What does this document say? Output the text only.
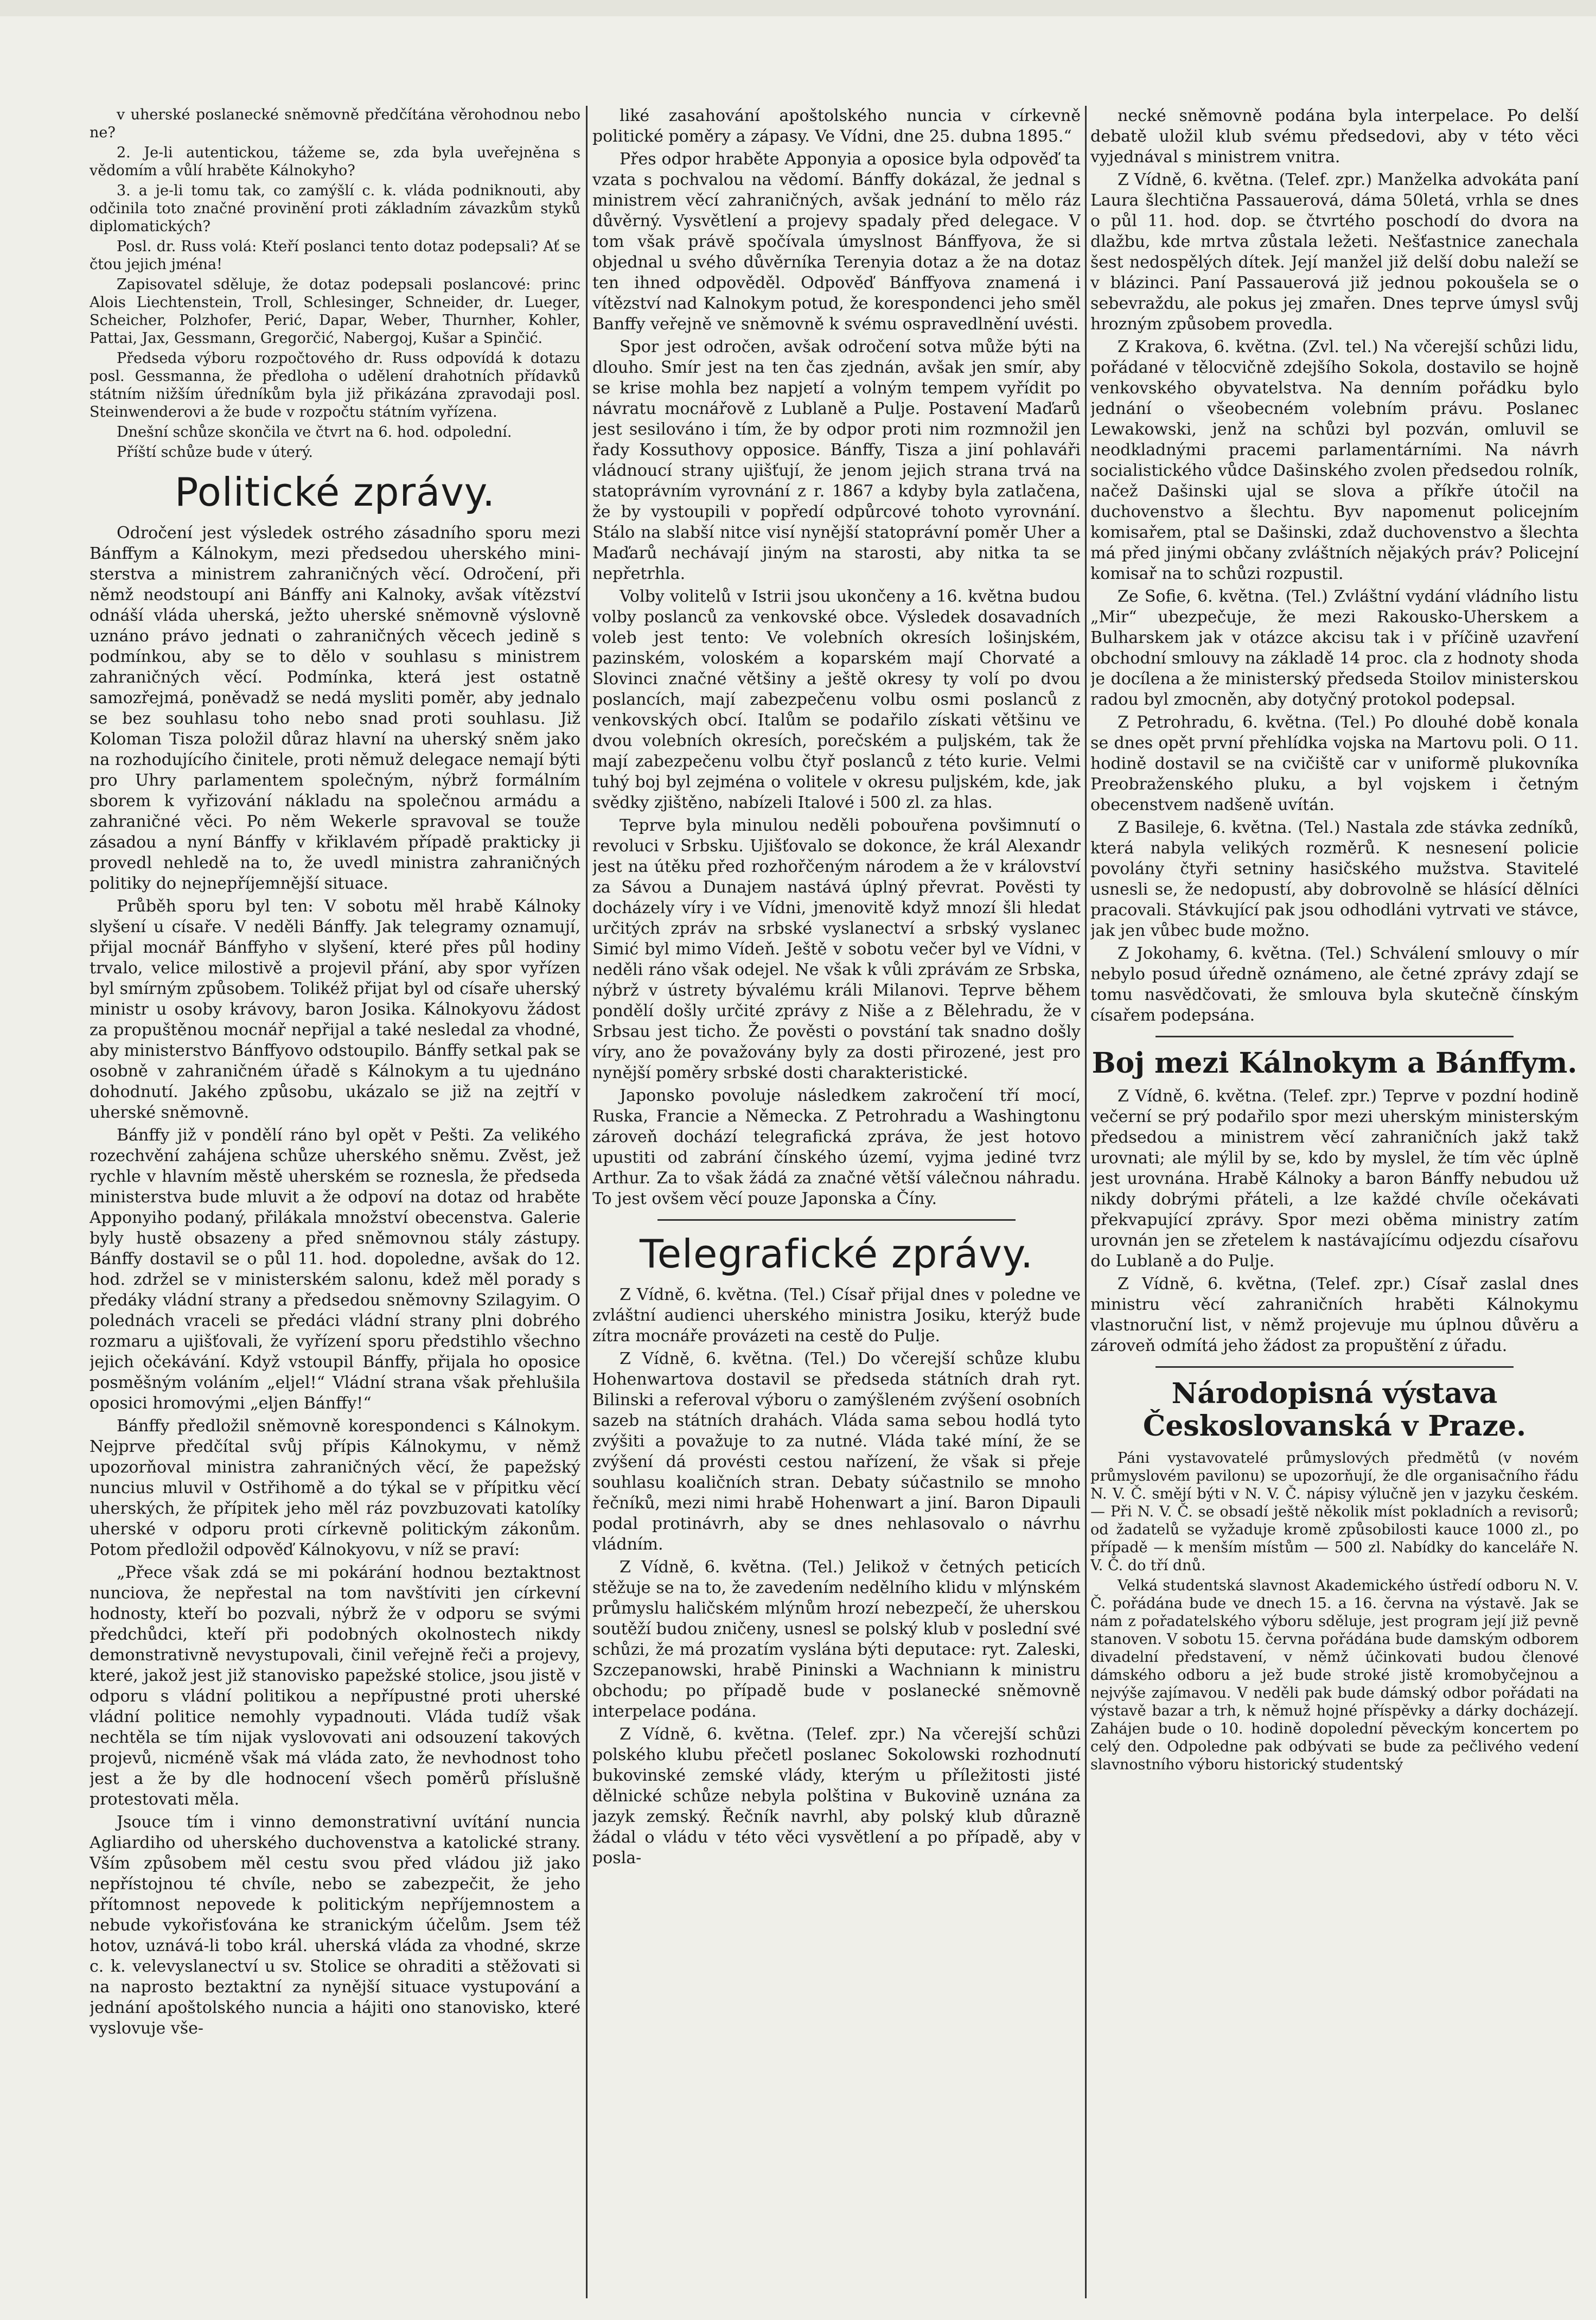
v uherské poslanecké sněmovně předčítána věrohodnou nebo ne?

2. Je-li autentickou, tážeme se, zda byla uveřejněna s vědomím a vůlí hraběte Kálnokyho?

3. a je-li tomu tak, co zamýšlí c. k. vláda podniknouti, aby odčinila toto značné provinění proti základním závazkům styků diplomatických?

Posl. dr. Russ volá: Kteří poslanci tento dotaz podepsali? Ať se čtou jejich jména!

Zapisovatel sděluje, že dotaz podepsali poslancové: princ Alois Liechtenstein, Troll, Schlesinger, Schneider, dr. Lueger, Scheicher, Polzhofer, Perić, Dapar, Weber, Thurnher, Kohler, Pattai, Jax, Gessmann, Gregorčić, Nabergoj, Kušar a Spinčić.

Předseda výboru rozpočtového dr. Russ odpovídá k dotazu posl. Gessmanna, že předloha o udělení drahotních přídavků státním nižším úředníkům byla již přikázána zpravodaji posl. Steinwenderovi a že bude v rozpočtu státním vyřízena.

Dnešní schůze skončila ve čtvrt na 6. hod. odpolední.

Příští schůze bude v úterý.

Politické zprávy.

Odročení jest výsledek ostrého zásadního sporu mezi Bánffym a Kálnokym, mezi předsedou uherského mini-sterstva a ministrem zahraničných věcí. Odročení, při němž neodstoupí ani Bánffy ani Kalnoky, avšak vítězství odnáší vláda uherská, ježto uherské sněmovně výslovně uznáno právo jednati o zahraničných věcech jedině s podmínkou, aby se to dělo v souhlasu s ministrem zahraničných věcí. Podmínka, která jest ostatně samozřejmá, poněvadž se nedá mysliti poměr, aby jednalo se bez souhlasu toho nebo snad proti souhlasu. Již Koloman Tisza položil důraz hlavní na uherský sněm jako na rozhodujícího činitele, proti němuž delegace nemají býti pro Uhry parlamentem společným, nýbrž formálním sborem k vyřizování nákladu na společnou armádu a zahraničné věci. Po něm Wekerle spravoval se touže zásadou a nyní Bánffy v křiklavém případě prakticky ji provedl nehledě na to, že uvedl ministra zahraničných politiky do nejnepříjemnější situace.

Průběh sporu byl ten: V sobotu měl hrabě Kálnoky slyšení u císaře. V neděli Bánffy. Jak telegramy oznamují, přijal mocnář Bánffyho v slyšení, které přes půl hodiny trvalo, velice milostivě a projevil přání, aby spor vyřízen byl smírným způsobem. Tolikéž přijat byl od císaře uherský ministr u osoby krávovy, baron Josika. Kálnokyovu žádost za propuštěnou mocnář nepřijal a také nesledal za vhodné, aby ministerstvo Bánffyovo odstoupilo. Bánffy setkal pak se osobně v zahraničném úřadě s Kálnokym a tu ujednáno dohodnutí. Jakého způsobu, ukázalo se již na zejtří v uherské sněmovně.

Bánffy již v pondělí ráno byl opět v Pešti. Za velikého rozechvění zahájena schůze uherského sněmu. Zvěst, jež rychle v hlavním městě uherském se roznesla, že předseda ministerstva bude mluvit a že odpoví na dotaz od hraběte Apponyiho podaný, přilákala množství obecenstva. Galerie byly hustě obsazeny a před sněmovnou stály zástupy. Bánffy dostavil se o půl 11. hod. dopoledne, avšak do 12. hod. zdržel se v ministerském salonu, kdež měl porady s předáky vládní strany a předsedou sněmovny Szilagyim. O polednách vraceli se předáci vládní strany plni dobrého rozmaru a ujišťovali, že vyřízení sporu předstihlo všechno jejich očekávání. Když vstoupil Bánffy, přijala ho oposice posměšným voláním „eljel!“ Vládní strana však přehlušila oposici hromovými „eljen Bánffy!“

Bánffy předložil sněmovně korespondenci s Kálnokym. Nejprve předčítal svůj přípis Kálnokymu, v němž upozorňoval ministra zahraničných věcí, že papežský nuncius mluvil v Ostřihomě a do týkal se v přípitku věcí uherských, že přípitek jeho měl ráz povzbuzovati katolíky uherské v odporu proti církevně politickým zákonům. Potom předložil odpověď Kálnokyovu, v níž se praví:

„Přece však zdá se mi pokárání hodnou beztaktnost nunciova, že nepřestal na tom navštíviti jen církevní hodnosty, kteří bo pozvali, nýbrž že v odporu se svými předchůdci, kteří při podobných okolnostech nikdy demonstrativně nevystupovali, činil veřejně řeči a projevy, které, jakož jest již stanovisko papežské stolice, jsou jistě v odporu s vládní politikou a nepřípustné proti uherské vládní politice nemohly vypadnouti. Vláda tudíž však nechtěla se tím nijak vyslovovati ani odsouzení takových projevů, nicméně však má vláda zato, že nevhodnost toho jest a že by dle hodnocení všech poměrů příslušně protestovati měla.

Jsouce tím i vinno demonstrativní uvítání nuncia Agliardiho od uherského duchovenstva a katolické strany. Vším způsobem měl cestu svou před vládou již jako nepřístojnou té chvíle, nebo se zabezpečit, že jeho přítomnost nepovede k politickým nepříjemnostem a nebude vykořisťována ke stranickým účelům. Jsem též hotov, uznává-li tobo král. uherská vláda za vhodné, skrze c. k. velevyslanectví u sv. Stolice se ohraditi a stěžovati si na naprosto beztaktní za nynější situace vystupování a jednání apoštolského nuncia a hájiti ono stanovisko, které vyslovuje vše-

liké zasahování apoštolského nuncia v církevně politické poměry a zápasy. Ve Vídni, dne 25. dubna 1895.“

Přes odpor hraběte Apponyia a oposice byla odpověď ta vzata s pochvalou na vědomí. Bánffy dokázal, že jednal s ministrem věcí zahraničných, avšak jednání to mělo ráz důvěrný. Vysvětlení a projevy spadaly před delegace. V tom však právě spočívala úmyslnost Bánffyova, že si objednal u svého důvěrníka Terenyia dotaz a že na dotaz ten ihned odpověděl. Odpověď Bánffyova znamená i vítězství nad Kalnokym potud, že korespondenci jeho směl Banffy veřejně ve sněmovně k svému ospravedlnění uvésti.

Spor jest odročen, avšak odročení sotva může býti na dlouho. Smír jest na ten čas zjednán, avšak jen smír, aby se krise mohla bez napjetí a volným tempem vyřídit po návratu mocnářově z Lublaně a Pulje. Postavení Maďarů jest sesilováno i tím, že by odpor proti nim rozmnožil jen řady Kossuthovy opposice. Bánffy, Tisza a jiní pohlaváři vládnoucí strany ujišťují, že jenom jejich strana trvá na statoprávním vyrovnání z r. 1867 a kdyby byla zatlačena, že by vystoupili v popředí odpůrcové tohoto vyrovnání. Stálo na slabší nitce visí nynější statoprávní poměr Uher a Maďarů nechávají jiným na starosti, aby nitka ta se nepřetrhla.

Volby volitelů v Istrii jsou ukončeny a 16. května budou volby poslanců za venkovské obce. Výsledek dosavadních voleb jest tento: Ve volebních okresích lošinjském, pazinském, voloském a koparském mají Chorvaté a Slovinci značné většiny a ještě okresy ty volí po dvou poslancích, mají zabezpečenu volbu osmi poslanců z venkovských obcí. Italům se podařilo získati většinu ve dvou volebních okresích, porečském a puljském, tak že mají zabezpečenu volbu čtyř poslanců z této kurie. Velmi tuhý boj byl zejména o volitele v okresu puljském, kde, jak svědky zjištěno, nabízeli Italové i 500 zl. za hlas.

Teprve byla minulou neděli pobouřena povšimnutí o revoluci v Srbsku. Ujišťovalo se dokonce, že král Alexandr jest na útěku před rozhořčeným národem a že v království za Sávou a Dunajem nastává úplný převrat. Pověsti ty docházely víry i ve Vídni, jmenovitě když mnozí šli hledat určitých zpráv na srbské vyslanectví a srbský vyslanec Simić byl mimo Vídeň. Ještě v sobotu večer byl ve Vídni, v neděli ráno však odejel. Ne však k vůli zprávám ze Srbska, nýbrž v ústrety bývalému králi Milanovi. Teprve během pondělí došly určité zprávy z Niše a z Bělehradu, že v Srbsau jest ticho. Že pověsti o povstání tak snadno došly víry, ano že považovány byly za dosti přirozené, jest pro nynější poměry srbské dosti charakteristické.

Japonsko povoluje následkem zakročení tří mocí, Ruska, Francie a Německa. Z Petrohradu a Washingtonu zároveň dochází telegrafická zpráva, že jest hotovo upustiti od zabrání čínského území, vyjma jediné tvrz Arthur. Za to však žádá za značné větší válečnou náhradu. To jest ovšem věcí pouze Japonska a Číny.

Telegrafické zprávy.

Z Vídně, 6. května. (Tel.) Císař přijal dnes v poledne ve zvláštní audienci uherského ministra Josiku, kterýž bude zítra mocnáře provázeti na cestě do Pulje.

Z Vídně, 6. května. (Tel.) Do včerejší schůze klubu Hohenwartova dostavil se předseda státních drah ryt. Bilinski a referoval výboru o zamýšleném zvýšení osobních sazeb na státních drahách. Vláda sama sebou hodlá tyto zvýšiti a považuje to za nutné. Vláda také míní, že se zvýšení dá provésti cestou nařízení, že však si přeje souhlasu koaličních stran. Debaty súčastnilo se mnoho řečníků, mezi nimi hrabě Hohenwart a jiní. Baron Dipauli podal protinávrh, aby se dnes nehlasovalo o návrhu vládním.

Z Vídně, 6. května. (Tel.) Jelikož v četných peticích stěžuje se na to, že zavedením nedělního klidu v mlýnském průmyslu haličském mlýnům hrozí nebezpečí, že uherskou soutěží budou zničeny, usnesl se polský klub v poslední své schůzi, že má prozatím vyslána býti deputace: ryt. Zaleski, Szczepanowski, hrabě Pininski a Wachniann k ministru obchodu; po případě bude v poslanecké sněmovně interpelace podána.

Z Vídně, 6. května. (Telef. zpr.) Na včerejší schůzi polského klubu přečetl poslanec Sokolowski rozhodnutí bukovinské zemské vlády, kterým u příležitosti jisté dělnické schůze nebyla polština v Bukovině uznána za jazyk zemský. Řečník navrhl, aby polský klub důrazně žádal o vládu v této věci vysvětlení a po případě, aby v posla-

necké sněmovně podána byla interpelace. Po delší debatě uložil klub svému předsedovi, aby v této věci vyjednával s ministrem vnitra.

Z Vídně, 6. května. (Telef. zpr.) Manželka advokáta paní Laura šlechtična Passauerová, dáma 50letá, vrhla se dnes o půl 11. hod. dop. se čtvrtého poschodí do dvora na dlažbu, kde mrtva zůstala ležeti. Nešťastnice zanechala šest nedospělých dítek. Její manžel již delší dobu naleží se v blázinci. Paní Passauerová již jednou pokoušela se o sebevraždu, ale pokus jej zmařen. Dnes teprve úmysl svůj hrozným způsobem provedla.

Z Krakova, 6. května. (Zvl. tel.) Na včerejší schůzi lidu, pořádané v tělocvičně zdejšího Sokola, dostavilo se hojně venkovského obyvatelstva. Na denním pořádku bylo jednání o všeobecném volebním právu. Poslanec Lewakowski, jenž na schůzi byl pozván, omluvil se neodkladnými pracemi parlamentárními. Na návrh socialistického vůdce Dašinského zvolen předsedou rolník, načež Dašinski ujal se slova a příkře útočil na duchovenstvo a šlechtu. Byv napomenut policejním komisařem, ptal se Dašinski, zdaž duchovenstvo a šlechta má před jinými občany zvláštních nějakých práv? Policejní komisař na to schůzi rozpustil.

Ze Sofie, 6. května. (Tel.) Zvláštní vydání vládního listu „Mir“ ubezpečuje, že mezi Rakousko-Uherskem a Bulharskem jak v otázce akcisu tak i v příčině uzavření obchodní smlouvy na základě 14 proc. cla z hodnoty shoda je docílena a že ministerský předseda Stoilov ministerskou radou byl zmocněn, aby dotyčný protokol podepsal.

Z Petrohradu, 6. května. (Tel.) Po dlouhé době konala se dnes opět první přehlídka vojska na Martovu poli. O 11. hodině dostavil se na cvičiště car v uniformě plukovníka Preobraženského pluku, a byl vojskem i četným obecenstvem nadšeně uvítán.

Z Basileje, 6. května. (Tel.) Nastala zde stávka zedníků, která nabyla velikých rozměrů. K nesnesení policie povolány čtyři setniny hasičského mužstva. Stavitelé usnesli se, že nedopustí, aby dobrovolně se hlásící dělníci pracovali. Stávkující pak jsou odhodláni vytrvati ve stávce, jak jen vůbec bude možno.

Z Jokohamy, 6. května. (Tel.) Schválení smlouvy o mír nebylo posud úředně oznámeno, ale četné zprávy zdají se tomu nasvědčovati, že smlouva byla skutečně čínským císařem podepsána.

Boj mezi Kálnokym a Bánffym.

Z Vídně, 6. května. (Telef. zpr.) Teprve v pozdní hodině večerní se prý podařilo spor mezi uherským ministerským předsedou a ministrem věcí zahraničních jakž takž urovnati; ale mýlil by se, kdo by myslel, že tím věc úplně jest urovnána. Hrabě Kálnoky a baron Bánffy nebudou už nikdy dobrými přáteli, a lze každé chvíle očekávati překvapující zprávy. Spor mezi oběma ministry zatím urovnán jen se zřetelem k nastávajícímu odjezdu císařovu do Lublaně a do Pulje.

Z Vídně, 6. května, (Telef. zpr.) Císař zaslal dnes ministru věcí zahraničních hraběti Kálnokymu vlastnoruční list, v němž projevuje mu úplnou důvěru a zároveň odmítá jeho žádost za propuštění z úřadu.

Národopisná výstava Českoslovanská v Praze.

Páni vystavovatelé průmyslových předmětů (v novém průmyslovém pavilonu) se upozorňují, že dle organisačního řádu N. V. Č. smějí býti v N. V. Č. nápisy výlučně jen v jazyku českém. — Při N. V. Č. se obsadí ještě několik míst pokladních a revisorů; od žadatelů se vyžaduje kromě způsobilosti kauce 1000 zl., po případě — k menším místům — 500 zl. Nabídky do kanceláře N. V. Č. do tří dnů.

Velká studentská slavnost Akademického ústředí odboru N. V. Č. pořádána bude ve dnech 15. a 16. června na výstavě. Jak se nám z pořadatelského výboru sděluje, jest program její již pevně stanoven. V sobotu 15. června pořádána bude damským odborem divadelní představení, v němž účinkovati budou členové dámského odboru a jež bude stroké jistě kromobyčejnou a nejvýše zajímavou. V neděli pak bude dámský odbor pořádati na výstavě bazar a trh, k němuž hojné příspěvky a dárky docházejí. Zahájen bude o 10. hodině dopolední pěveckým koncertem po celý den. Odpoledne pak odbývati se bude za pečlivého vedení slavnostního výboru historický studentský
